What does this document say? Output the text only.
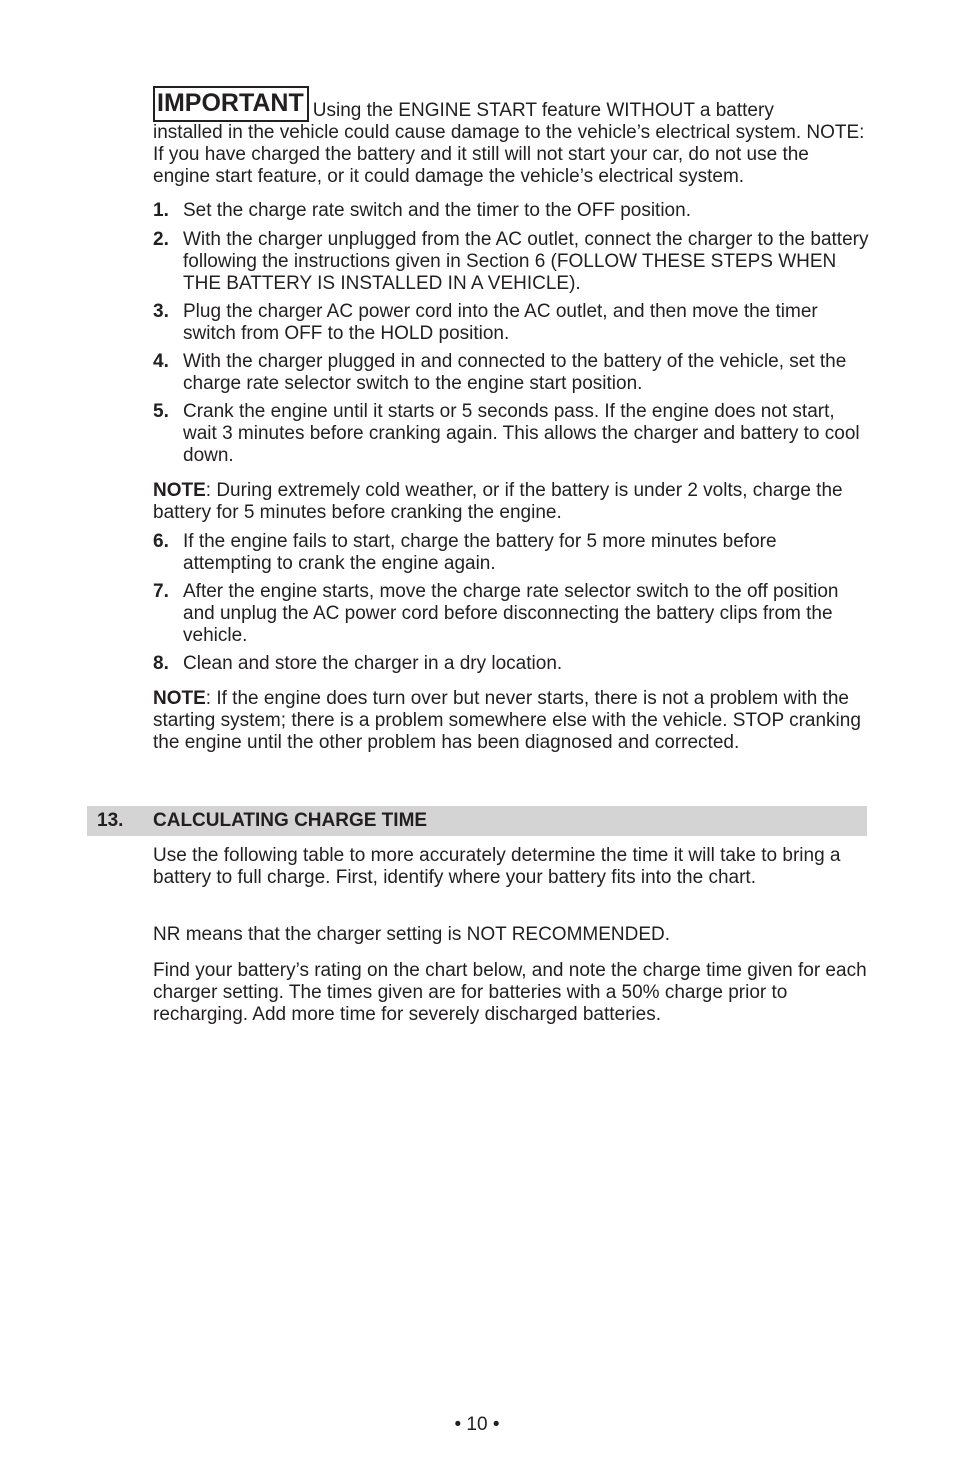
IMPORTANT Using the ENGINE START feature WITHOUT a battery
installed in the vehicle could cause damage to the vehicle’s electrical system. NOTE: If you have charged the battery and it still will not start your car, do not use the engine start feature, or it could damage the vehicle’s electrical system.
1. Set the charge rate switch and the timer to the OFF position.
2. With the charger unplugged from the AC outlet, connect the charger to the battery following the instructions given in Section 6 (FOLLOW THESE STEPS WHEN THE BATTERY IS INSTALLED IN A VEHICLE).
3. Plug the charger AC power cord into the AC outlet, and then move the timer switch from OFF to the HOLD position.
4. With the charger plugged in and connected to the battery of the vehicle, set the charge rate selector switch to the engine start position.
5. Crank the engine until it starts or 5 seconds pass. If the engine does not start, wait 3 minutes before cranking again. This allows the charger and battery to cool down.
NOTE: During extremely cold weather, or if the battery is under 2 volts, charge the battery for 5 minutes before cranking the engine.
6. If the engine fails to start, charge the battery for 5 more minutes before attempting to crank the engine again.
7. After the engine starts, move the charge rate selector switch to the off position and unplug the AC power cord before disconnecting the battery clips from the vehicle.
8. Clean and store the charger in a dry location.
NOTE: If the engine does turn over but never starts, there is not a problem with the starting system; there is a problem somewhere else with the vehicle. STOP cranking the engine until the other problem has been diagnosed and corrected.
13. CALCULATING CHARGE TIME
Use the following table to more accurately determine the time it will take to bring a battery to full charge. First, identify where your battery fits into the chart.
NR means that the charger setting is NOT RECOMMENDED.
Find your battery’s rating on the chart below, and note the charge time given for each charger setting. The times given are for batteries with a 50% charge prior to recharging. Add more time for severely discharged batteries.
• 10 •
